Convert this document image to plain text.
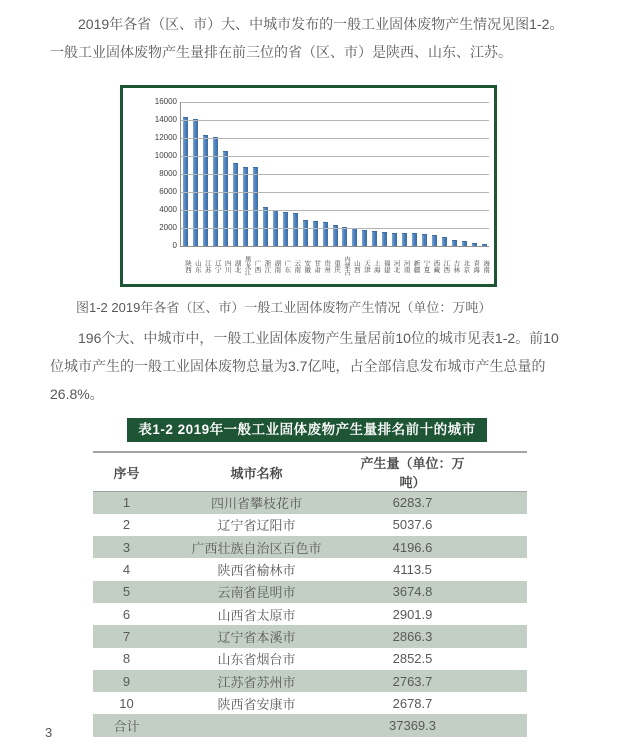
2019年各省（区、市）大、中城市发布的一般工业固体废物产生情况见图1-2。
一般工业固体废物产生量排在前三位的省（区、市）是陕西、山东、江苏。
0
2000
4000
6000
8000
10000
12000
14000
16000
陕西 山东 江苏 辽宁 四川 湖北 黑龙江 广西 浙江 湖南 广东 云南 安徽 甘肃 贵州 重庆 内蒙古 山西 天津 上海 福建 河北 河南 新疆 宁夏 西藏 江西 吉林 北京 青海 海南
图1-2 2019年各省（区、市）一般工业固体废物产生情况（单位：万吨）
196个大、中城市中，一般工业固体废物产生量居前10位的城市见表1-2。前10
位城市产生的一般工业固体废物总量为3.7亿吨，占全部信息发布城市产生总量的
26.8%。
表1-2 2019年一般工业固体废物产生量排名前十的城市
序号	城市名称	产生量（单位：万吨）
1	四川省攀枝花市	6283.7
2	辽宁省辽阳市	5037.6
3	广西壮族自治区百色市	4196.6
4	陕西省榆林市	4113.5
5	云南省昆明市	3674.8
6	山西省太原市	2901.9
7	辽宁省本溪市	2866.3
8	山东省烟台市	2852.5
9	江苏省苏州市	2763.7
10	陕西省安康市	2678.7
合计		37369.3
3
